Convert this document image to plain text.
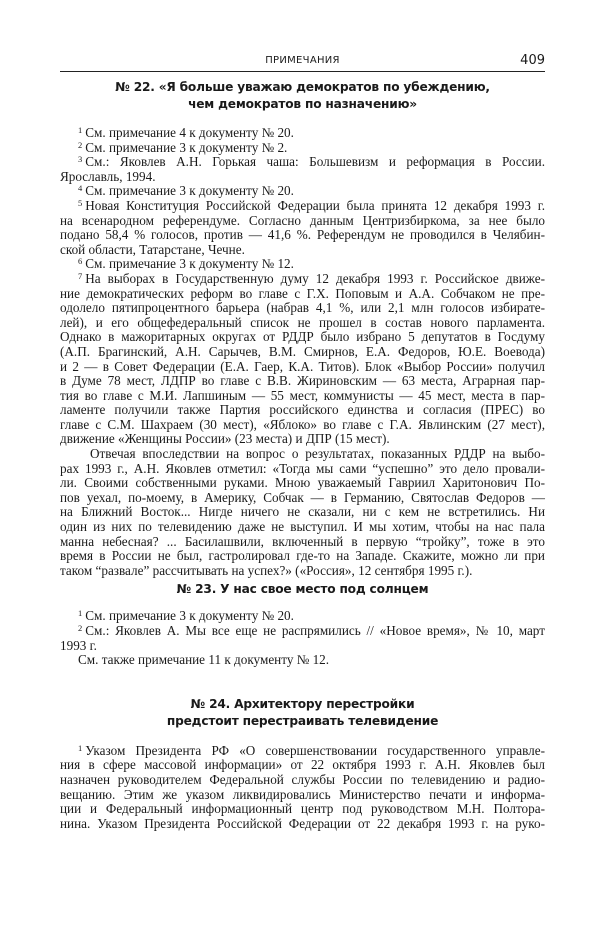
ПРИМЕЧАНИЯ	409
№ 22. «Я больше уважаю демократов по убеждению,
чем демократов по назначению»
$^1$ См. примечание 4 к документу № 20.
$^2$ См. примечание 3 к документу № 2.
$^3$ См.: Яковлев А.Н. Горькая чаша: Большевизм и реформация в России.
Ярославль, 1994.
$^4$ См. примечание 3 к документу № 20.
$^5$ Новая Конституция Российской Федерации была принята 12 декабря 1993 г.
на всенародном референдуме. Согласно данным Центризбиркома, за нее было
подано 58,4 % голосов, против — 41,6 %. Референдум не проводился в Челябин-
ской области, Татарстане, Чечне.
$^6$ См. примечание 3 к документу № 12.
$^7$ На выборах в Государственную думу 12 декабря 1993 г. Российское движе-
ние демократических реформ во главе с Г.Х. Поповым и А.А. Собчаком не пре-
одолело пятипроцентного барьера (набрав 4,1 %, или 2,1 млн голосов избирате-
лей), и его общефедеральный список не прошел в состав нового парламента.
Однако в мажоритарных округах от РДДР было избрано 5 депутатов в Госдуму
(А.П. Брагинский, А.Н. Сарычев, В.М. Смирнов, Е.А. Федоров, Ю.Е. Воевода)
и 2 — в Совет Федерации (Е.А. Гаер, К.А. Титов). Блок «Выбор России» получил
в Думе 78 мест, ЛДПР во главе с В.В. Жириновским — 63 места, Аграрная пар-
тия во главе с М.И. Лапшиным — 55 мест, коммунисты — 45 мест, места в пар-
ламенте получили также Партия российского единства и согласия (ПРЕС) во
главе с С.М. Шахраем (30 мест), «Яблоко» во главе с Г.А. Явлинским (27 мест),
движение «Женщины России» (23 места) и ДПР (15 мест).
Отвечая впоследствии на вопрос о результатах, показанных РДДР на выбо-
рах 1993 г., А.Н. Яковлев отметил: «Тогда мы сами “успешно” это дело провали-
ли. Своими собственными руками. Мною уважаемый Гавриил Харитонович По-
пов уехал, по-моему, в Америку, Собчак — в Германию, Святослав Федоров —
на Ближний Восток... Нигде ничего не сказали, ни с кем не встретились. Ни
один из них по телевидению даже не выступил. И мы хотим, чтобы на нас пала
манна небесная? ... Басилашвили, включенный в первую “тройку”, тоже в это
время в России не был, гастролировал где-то на Западе. Скажите, можно ли при
таком “развале” рассчитывать на успех?» («Россия», 12 сентября 1995 г.).
№ 23. У нас свое место под солнцем
$^1$ См. примечание 3 к документу № 20.
$^2$ См.: Яковлев А. Мы все еще не распрямились // «Новое время», № 10, март
1993 г.
См. также примечание 11 к документу № 12.
№ 24. Архитектору перестройки
предстоит перестраивать телевидение
$^1$ Указом Президента РФ «О совершенствовании государственного управле-
ния в сфере массовой информации» от 22 октября 1993 г. А.Н. Яковлев был
назначен руководителем Федеральной службы России по телевидению и радио-
вещанию. Этим же указом ликвидировались Министерство печати и информа-
ции и Федеральный информационный центр под руководством М.Н. Полтора-
нина. Указом Президента Российской Федерации от 22 декабря 1993 г. на руко-
